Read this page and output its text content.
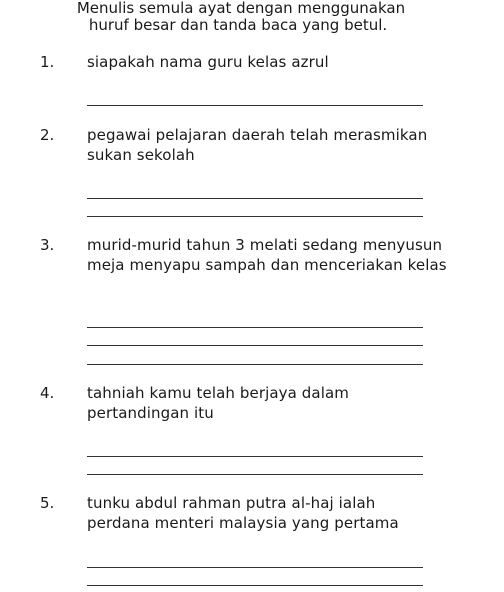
Menulis semula ayat dengan menggunakan
huruf besar dan tanda baca yang betul.
1. siapakah nama guru kelas azrul
2. pegawai pelajaran daerah telah merasmikan sukan sekolah
3. murid-murid tahun 3 melati sedang menyusun meja menyapu sampah dan menceriakan kelas
4. tahniah kamu telah berjaya dalam pertandingan itu
5. tunku abdul rahman putra al-haj ialah perdana menteri malaysia yang pertama
